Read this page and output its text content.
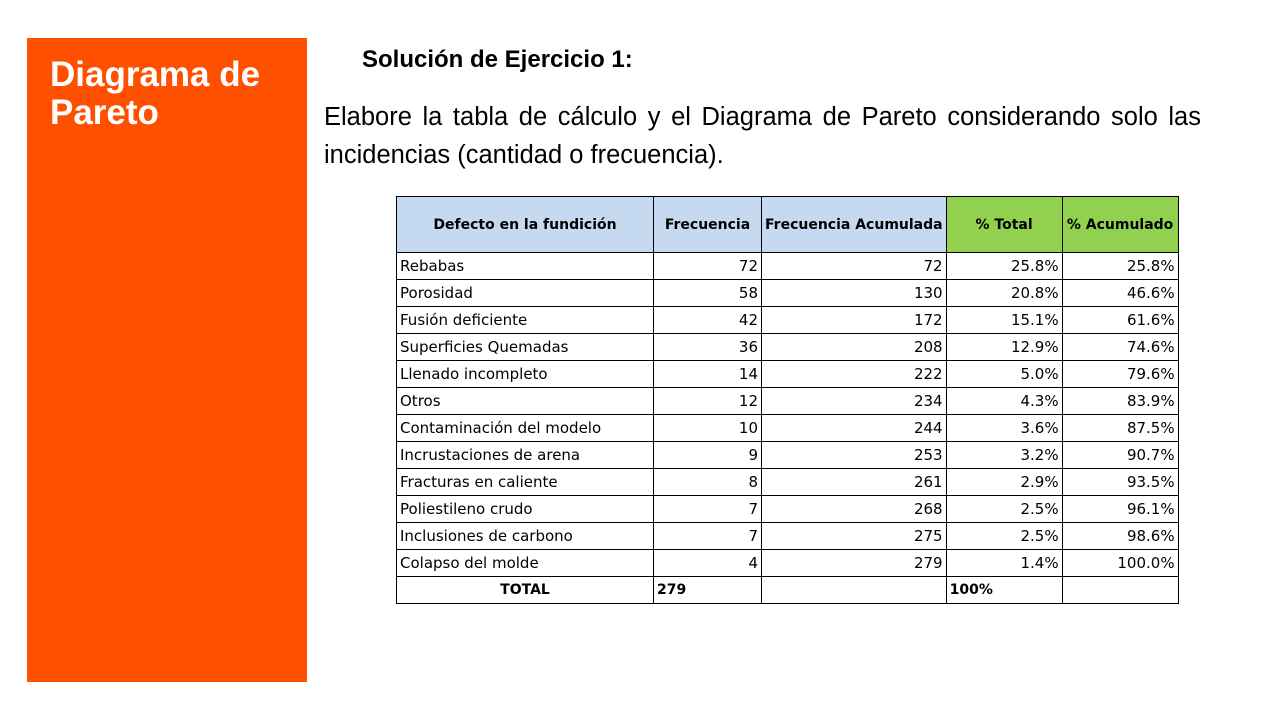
Diagrama de Pareto
Solución de Ejercicio 1:
Elabore la tabla de cálculo y el Diagrama de Pareto considerando solo las incidencias (cantidad o frecuencia).
Defecto en la fundición	Frecuencia	Frecuencia Acumulada	% Total	% Acumulado
Rebabas	72	72	25.8%	25.8%
Porosidad	58	130	20.8%	46.6%
Fusión deficiente	42	172	15.1%	61.6%
Superficies Quemadas	36	208	12.9%	74.6%
Llenado incompleto	14	222	5.0%	79.6%
Otros	12	234	4.3%	83.9%
Contaminación del modelo	10	244	3.6%	87.5%
Incrustaciones de arena	9	253	3.2%	90.7%
Fracturas en caliente	8	261	2.9%	93.5%
Poliestileno crudo	7	268	2.5%	96.1%
Inclusiones de carbono	7	275	2.5%	98.6%
Colapso del molde	4	279	1.4%	100.0%
TOTAL	279		100%	
